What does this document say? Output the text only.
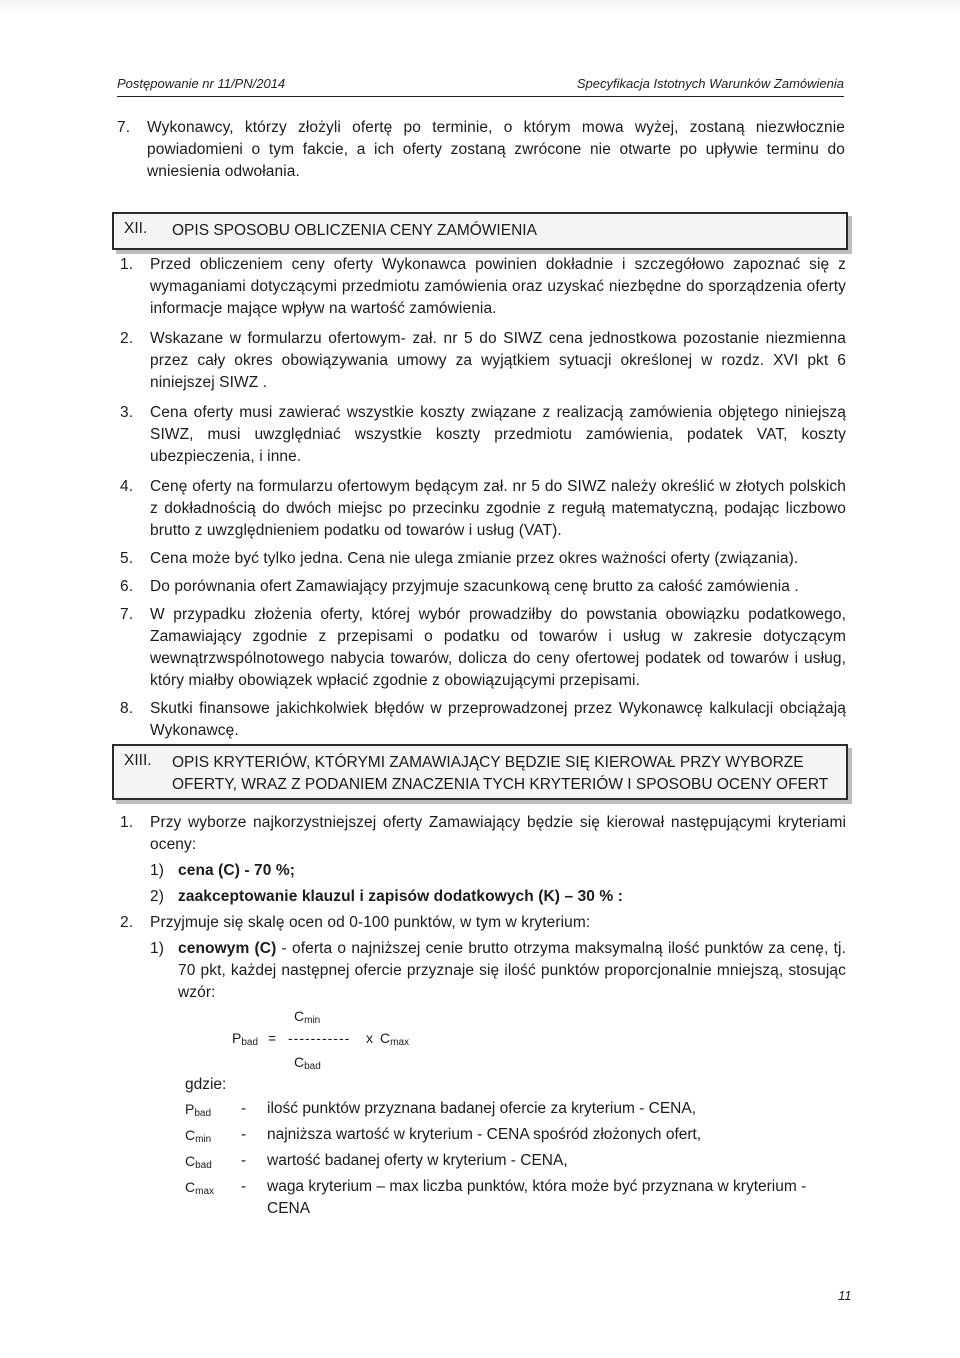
Postępowanie nr 11/PN/2014	Specyfikacja Istotnych Warunków Zamówienia
7. Wykonawcy, którzy złożyli ofertę po terminie, o którym mowa wyżej, zostaną niezwłocznie powiadomieni o tym fakcie, a ich oferty zostaną zwrócone nie otwarte po upływie terminu do wniesienia odwołania.
XII. OPIS SPOSOBU OBLICZENIA CENY ZAMÓWIENIA
1. Przed obliczeniem ceny oferty Wykonawca powinien dokładnie i szczegółowo zapoznać się z wymaganiami dotyczącymi przedmiotu zamówienia oraz uzyskać niezbędne do sporządzenia oferty informacje mające wpływ na wartość zamówienia.
2. Wskazane w formularzu ofertowym- zał. nr 5 do SIWZ cena jednostkowa pozostanie niezmienna przez cały okres obowiązywania umowy za wyjątkiem sytuacji określonej w rozdz. XVI pkt 6 niniejszej SIWZ .
3. Cena oferty musi zawierać wszystkie koszty związane z realizacją zamówienia objętego niniejszą SIWZ, musi uwzględniać wszystkie koszty przedmiotu zamówienia, podatek VAT, koszty ubezpieczenia, i inne.
4. Cenę oferty na formularzu ofertowym będącym zał. nr 5 do SIWZ należy określić w złotych polskich z dokładnością do dwóch miejsc po przecinku zgodnie z regułą matematyczną, podając liczbowo brutto z uwzględnieniem podatku od towarów i usług (VAT).
5. Cena może być tylko jedna. Cena nie ulega zmianie przez okres ważności oferty (związania).
6. Do porównania ofert Zamawiający przyjmuje szacunkową cenę brutto za całość zamówienia .
7. W przypadku złożenia oferty, której wybór prowadziłby do powstania obowiązku podatkowego, Zamawiający zgodnie z przepisami o podatku od towarów i usług w zakresie dotyczącym wewnątrzwspólnotowego nabycia towarów, dolicza do ceny ofertowej podatek od towarów i usług, który miałby obowiązek wpłacić zgodnie z obowiązującymi przepisami.
8. Skutki finansowe jakichkolwiek błędów w przeprowadzonej przez Wykonawcę kalkulacji obciążają Wykonawcę.
XIII. OPIS KRYTERIÓW, KTÓRYMI ZAMAWIAJĄCY BĘDZIE SIĘ KIEROWAŁ PRZY WYBORZE
OFERTY, WRAZ Z PODANIEM ZNACZENIA TYCH KRYTERIÓW I SPOSOBU OCENY OFERT
1. Przy wyborze najkorzystniejszej oferty Zamawiający będzie się kierował następującymi kryteriami oceny:
1) cena (C) - 70 %;
2) zaakceptowanie klauzul i zapisów dodatkowych (K) – 30 % :
2. Przyjmuje się skalę ocen od 0-100 punktów, w tym w kryterium:
1) cenowym (C) - oferta o najniższej cenie brutto otrzyma maksymalną ilość punktów za cenę, tj. 70 pkt, każdej następnej ofercie przyznaje się ilość punktów proporcjonalnie mniejszą, stosując wzór:
$C_{min}$
$P_{bad}$ = ----------- x $C_{max}$
$C_{bad}$
gdzie:
$P_{bad}$	- ilość punktów przyznana badanej ofercie za kryterium - CENA,
$C_{min}$	- najniższa wartość w kryterium - CENA spośród złożonych ofert,
$C_{bad}$	- wartość badanej oferty w kryterium - CENA,
$C_{max}$	- waga kryterium – max liczba punktów, która może być przyznana w kryterium - CENA
11
